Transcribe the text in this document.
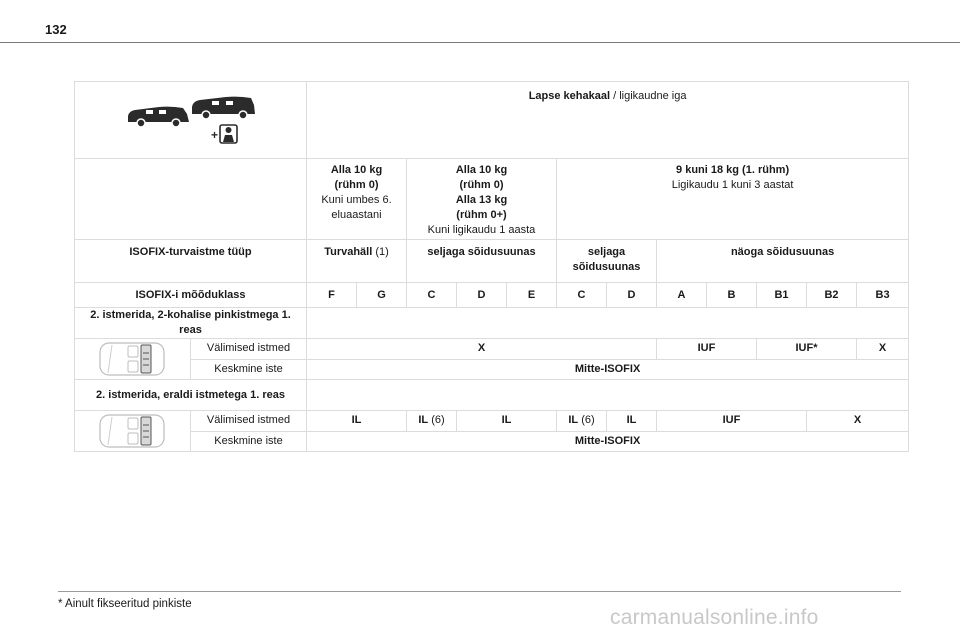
132
+		Lapse kehakaal / ligikaudne iga											
		Alla 10 kg
(rühm 0)
Kuni umbes 6.
eluaastani		Alla 10 kg
(rühm 0)
Alla 13 kg
(rühm 0+)
Kuni ligikaudu 1 aasta			9 kuni 18 kg (1. rühm)
Ligikaudu 1 kuni 3 aastat						
ISOFIX-turvaistme tüüp		Turvahäll (1)		seljaga sõidusuunas			seljaga sõidusuunas		näoga sõidusuunas				
ISOFIX-i mõõduklass		F	G	C	D	E	C	D	A	B	B1	B2	B3
2. istmerida, 2-kohalise pinkistmega 1. reas													
	Välimised istmed	X							IUF		IUF*		X
	Keskmine iste	Mitte-ISOFIX											
2. istmerida, eraldi istmetega 1. reas													
	Välimised istmed	IL		IL (6)	IL		IL (6)	IL	IUF			X	
	Keskmine iste	Mitte-ISOFIX											
* Ainult fikseeritud pinkiste
carmanualsonline.info
